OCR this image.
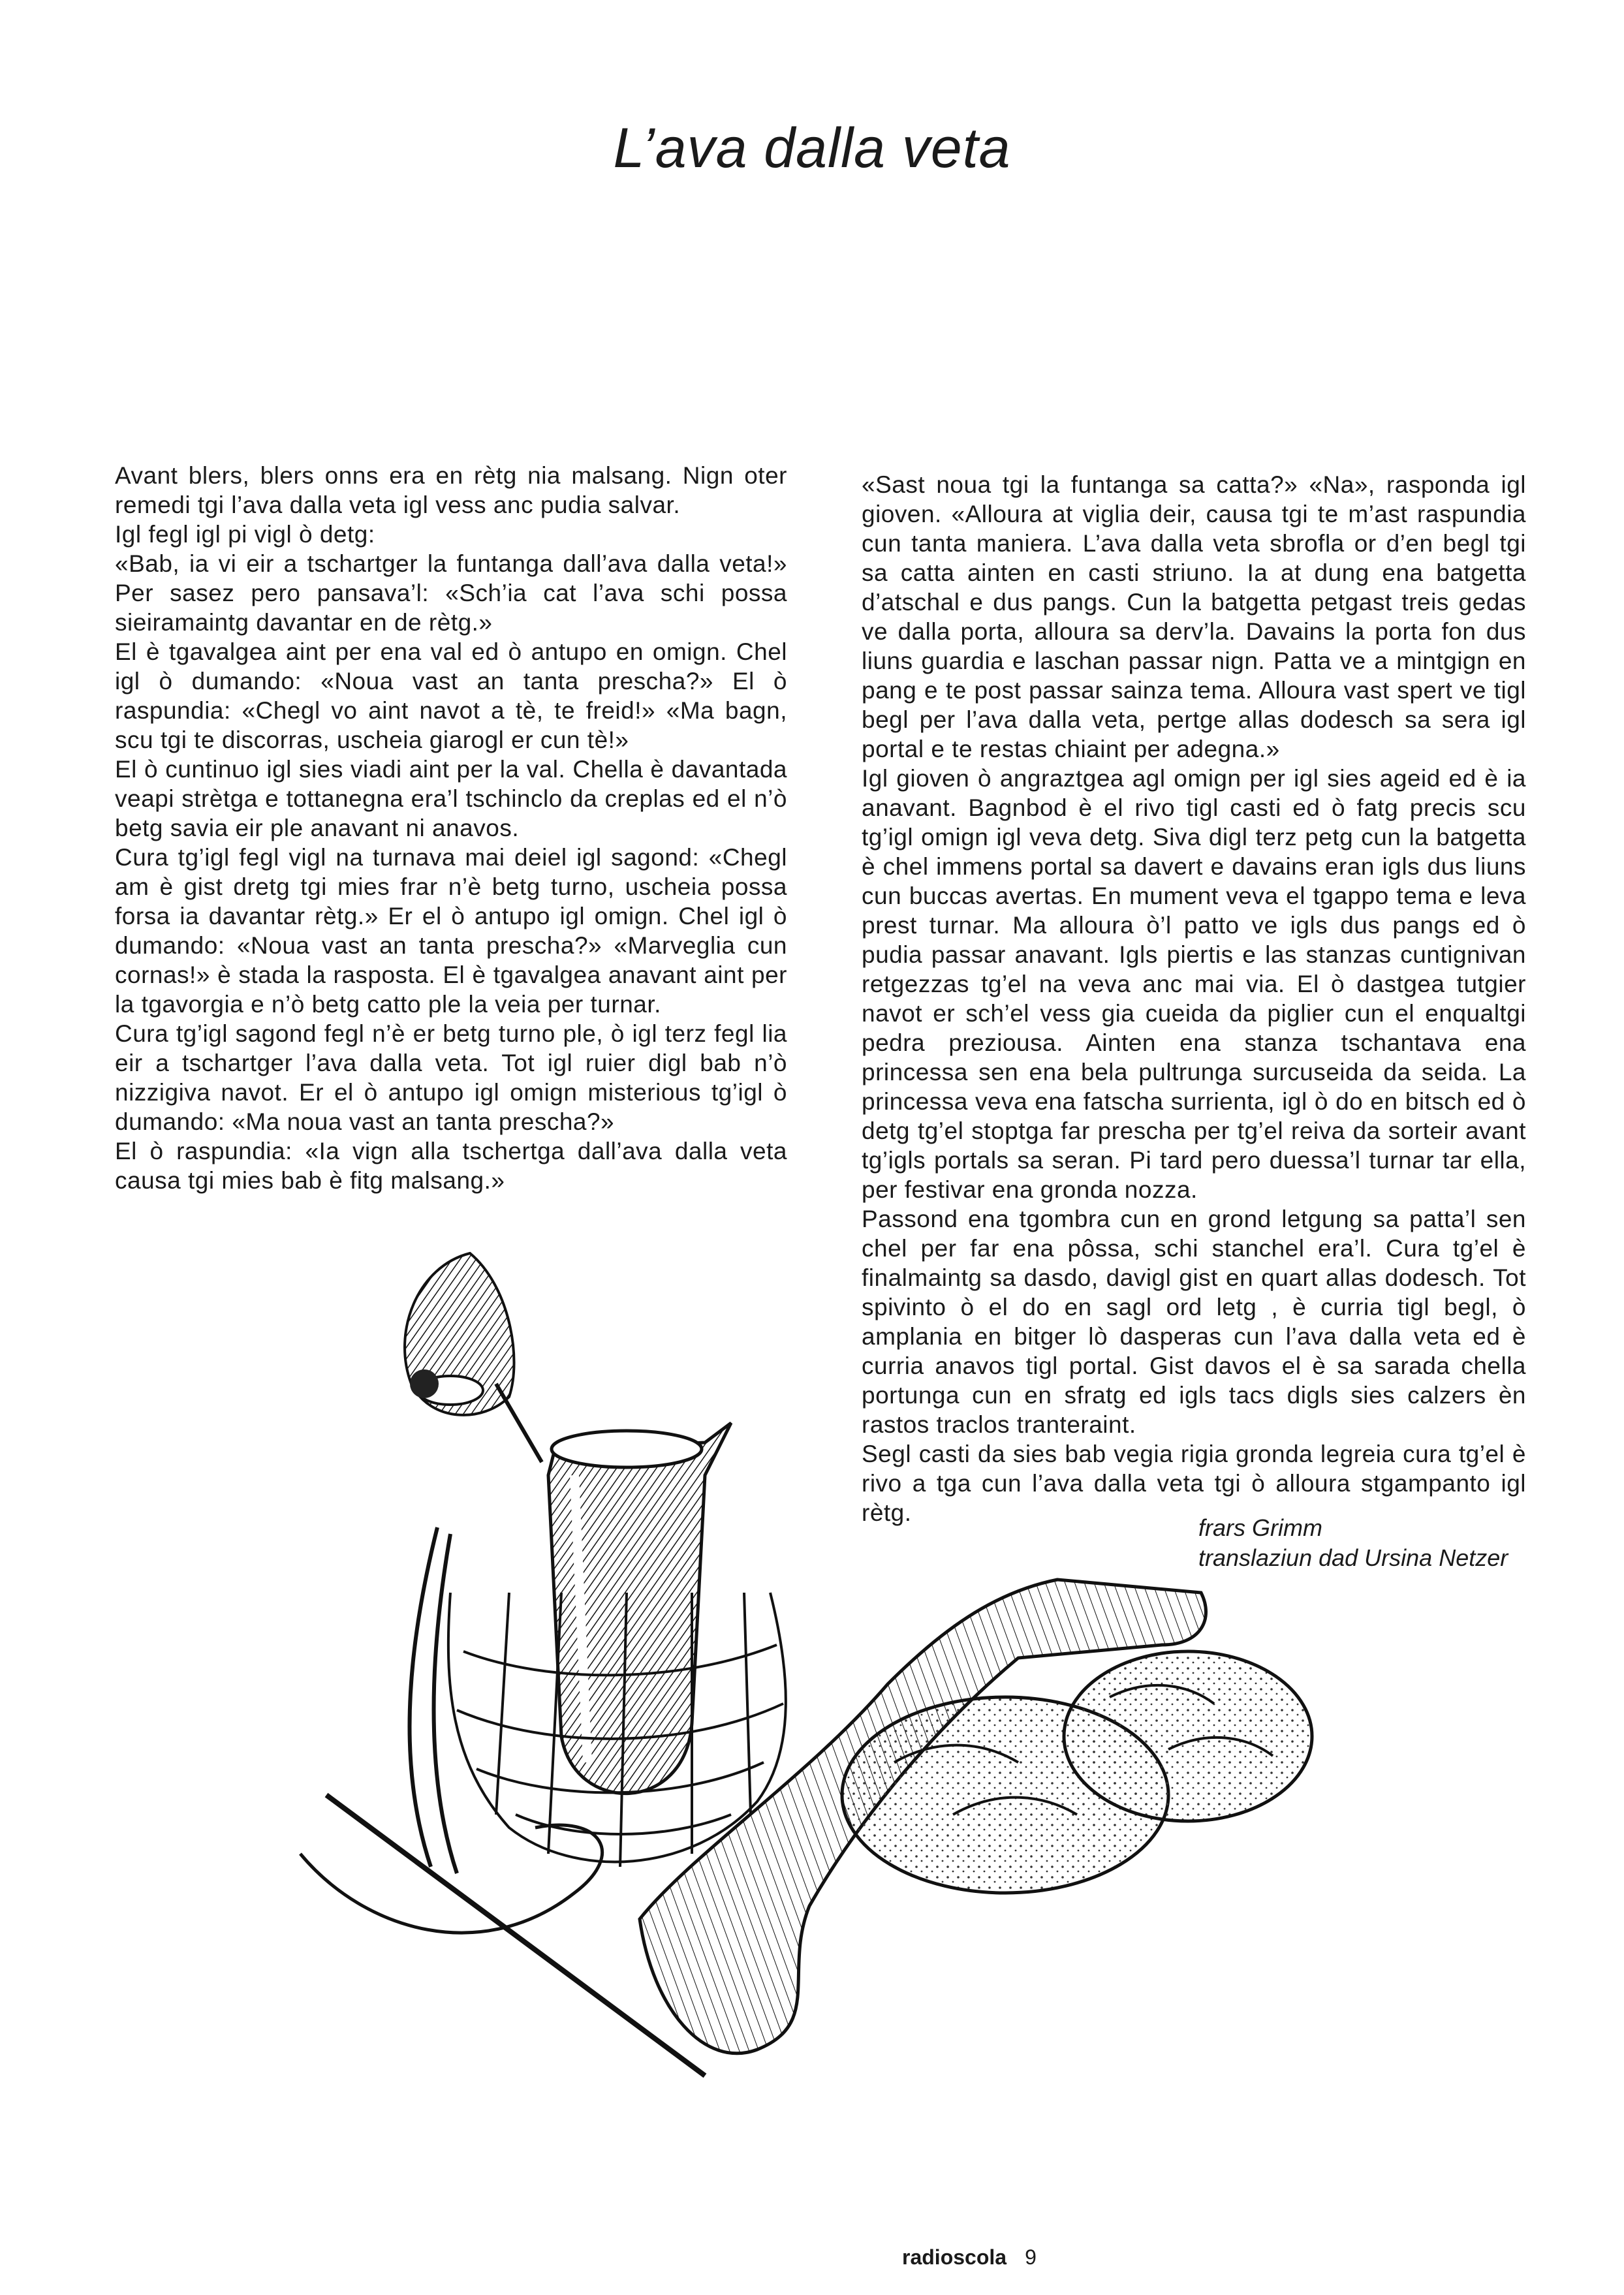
L’ava dalla veta

Avant blers, blers onns era en rètg nia malsang. Nign oter remedi tgi l’ava dalla veta igl vess anc pudia salvar.

Igl fegl igl pi vigl ò detg:

«Bab, ia vi eir a tschartger la funtanga dall’ava dalla veta!» Per sasez pero pansava’l: «Sch’ia cat l’ava schi possa sieiramaintg davantar en de rètg.»

El è tgavalgea aint per ena val ed ò antupo en omign. Chel igl ò dumando: «Noua vast an tanta prescha?» El ò raspundia: «Chegl vo aint navot a tè, te freid!» «Ma bagn, scu tgi te discorras, uscheia giarogl er cun tè!»

El ò cuntinuo igl sies viadi aint per la val. Chella è davantada veapi strètga e tottanegna era’l tschinclo da creplas ed el n’ò betg savia eir ple anavant ni anavos.

Cura tg’igl fegl vigl na turnava mai deiel igl sagond: «Chegl am è gist dretg tgi mies frar n’è betg turno, uscheia possa forsa ia davantar rètg.» Er el ò antupo igl omign. Chel igl ò dumando: «Noua vast an tanta prescha?» «Marveglia cun cornas!» è stada la rasposta. El è tgavalgea anavant aint per la tgavorgia e n’ò betg catto ple la veia per turnar.

Cura tg’igl sagond fegl n’è er betg turno ple, ò igl terz fegl lia eir a tschartger l’ava dalla veta. Tot igl ruier digl bab n’ò nizzigiva navot. Er el ò antupo igl omign misterious tg’igl ò dumando: «Ma noua vast an tanta prescha?»

El ò raspundia: «Ia vign alla tschertga dall’ava dalla veta causa tgi mies bab è fitg malsang.»

«Sast noua tgi la funtanga sa catta?» «Na», rasponda igl gioven. «Alloura at viglia deir, causa tgi te m’ast raspundia cun tanta maniera. L’ava dalla veta sbrofla or d’en begl tgi sa catta ainten en casti striuno. Ia at dung ena batgetta d’atschal e dus pangs. Cun la batgetta petgast treis gedas ve dalla porta, alloura sa derv’la. Davains la porta fon dus liuns guardia e laschan passar nign. Patta ve a mintgign en pang e te post passar sainza tema. Alloura vast spert ve tigl begl per l’ava dalla veta, pertge allas dodesch sa sera igl portal e te restas chiaint per adegna.»

Igl gioven ò angraztgea agl omign per igl sies ageid ed è ia anavant. Bagnbod è el rivo tigl casti ed ò fatg precis scu tg’igl omign igl veva detg. Siva digl terz petg cun la batgetta è chel immens portal sa davert e davains eran igls dus liuns cun buccas avertas. En mument veva el tgappo tema e leva prest turnar. Ma alloura ò’l patto ve igls dus pangs ed ò pudia passar anavant. Igls piertis e las stanzas cuntignivan retgezzas tg’el na veva anc mai via. El ò dastgea tutgier navot er sch’el vess gia cueida da piglier cun el enqualtgi pedra preziousa. Ainten ena stanza tschantava ena princessa sen ena bela pultrunga surcuseida da seida. La princessa veva ena fatscha surrienta, igl ò do en bitsch ed ò detg tg’el stoptga far prescha per tg’el reiva da sorteir avant tg’igls portals sa seran. Pi tard pero duessa’l turnar tar ella, per festivar ena gronda nozza.

Passond ena tgombra cun en grond letgung sa patta’l sen chel per far ena pôssa, schi stanchel era’l. Cura tg’el è finalmaintg sa dasdo, davigl gist en quart allas dodesch. Tot spivinto ò el do en sagl ord letg , è curria tigl begl, ò amplania en bitger lò dasperas cun l’ava dalla veta ed è curria anavos tigl portal. Gist davos el è sa sarada chella portunga cun en sfratg ed igls tacs digls sies calzers èn rastos traclos tranteraint.

Segl casti da sies bab vegia rigia gronda legreia cura tg’el è rivo a tga cun l’ava dalla veta tgi ò alloura stgampanto igl rètg.

frars Grimm
translaziun dad Ursina Netzer
radioscola 9
